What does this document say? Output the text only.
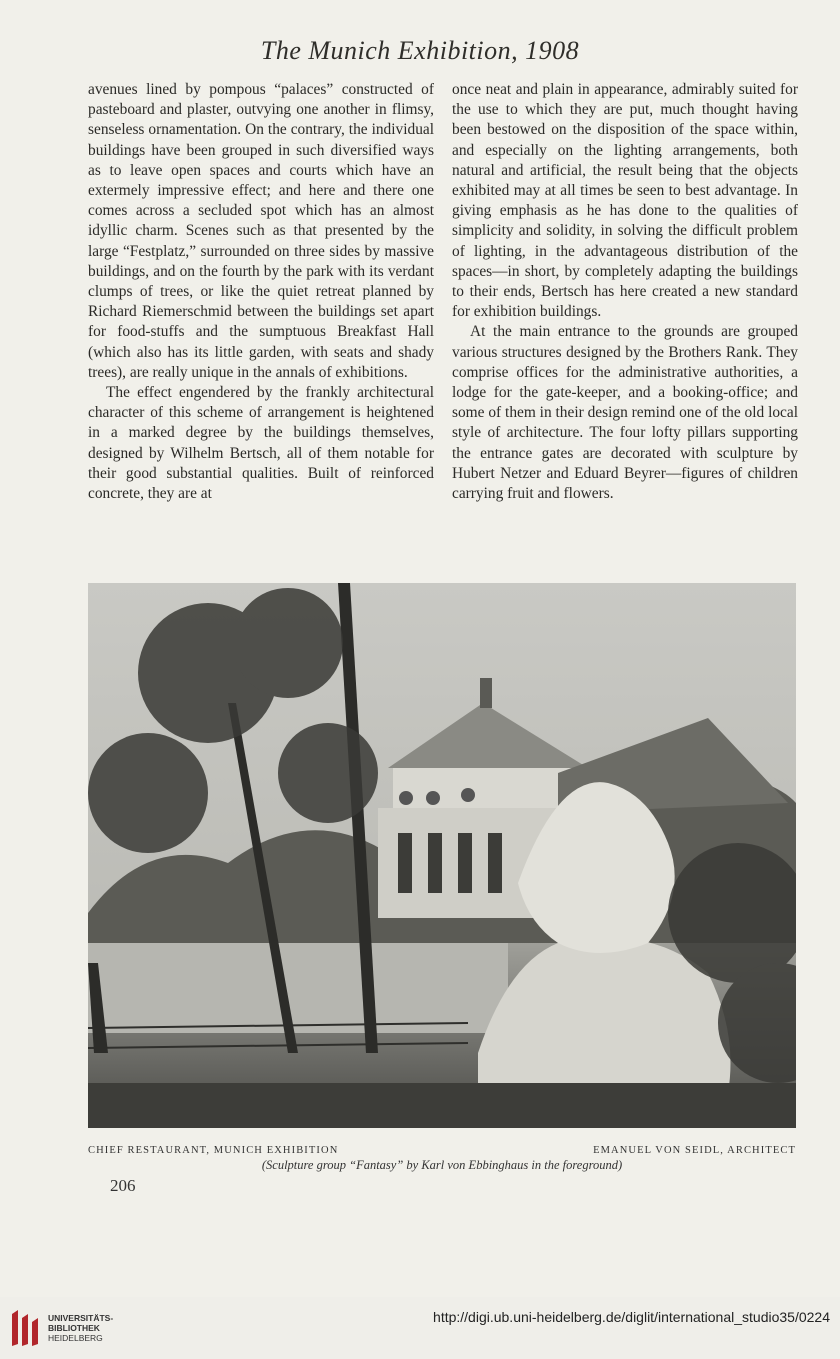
The Munich Exhibition, 1908

avenues lined by pompous “palaces” constructed of pasteboard and plaster, outvying one another in flimsy, senseless ornamentation. On the contrary, the individual buildings have been grouped in such diversified ways as to leave open spaces and courts which have an extermely impressive effect; and here and there one comes across a secluded spot which has an almost idyllic charm. Scenes such as that presented by the large “Festplatz,” surrounded on three sides by massive buildings, and on the fourth by the park with its verdant clumps of trees, or like the quiet retreat planned by Richard Riemerschmid between the buildings set apart for food-stuffs and the sumptuous Breakfast Hall (which also has its little garden, with seats and shady trees), are really unique in the annals of exhibitions.

The effect engendered by the frankly architectural character of this scheme of arrangement is heightened in a marked degree by the buildings themselves, designed by Wilhelm Bertsch, all of them notable for their good substantial qualities. Built of reinforced concrete, they are at

once neat and plain in appearance, admirably suited for the use to which they are put, much thought having been bestowed on the disposition of the space within, and especially on the lighting arrangements, both natural and artificial, the result being that the objects exhibited may at all times be seen to best advantage. In giving emphasis as he has done to the qualities of simplicity and solidity, in solving the difficult problem of lighting, in the advantageous distribution of the spaces—in short, by completely adapting the buildings to their ends, Bertsch has here created a new standard for exhibition buildings.

At the main entrance to the grounds are grouped various structures designed by the Brothers Rank. They comprise offices for the administrative authorities, a lodge for the gate-keeper, and a booking-office; and some of them in their design remind one of the old local style of architecture. The four lofty pillars supporting the entrance gates are decorated with sculpture by Hubert Netzer and Eduard Beyrer—figures of children carrying fruit and flowers.

CHIEF RESTAURANT, MUNICH EXHIBITION	EMANUEL VON SEIDL, ARCHITECT
(Sculpture group “Fantasy” by Karl von Ebbinghaus in the foreground)
206
UNIVERSITÄTS-
BIBLIOTHEK
HEIDELBERG
http://digi.ub.uni-heidelberg.de/diglit/international_studio35/0224
